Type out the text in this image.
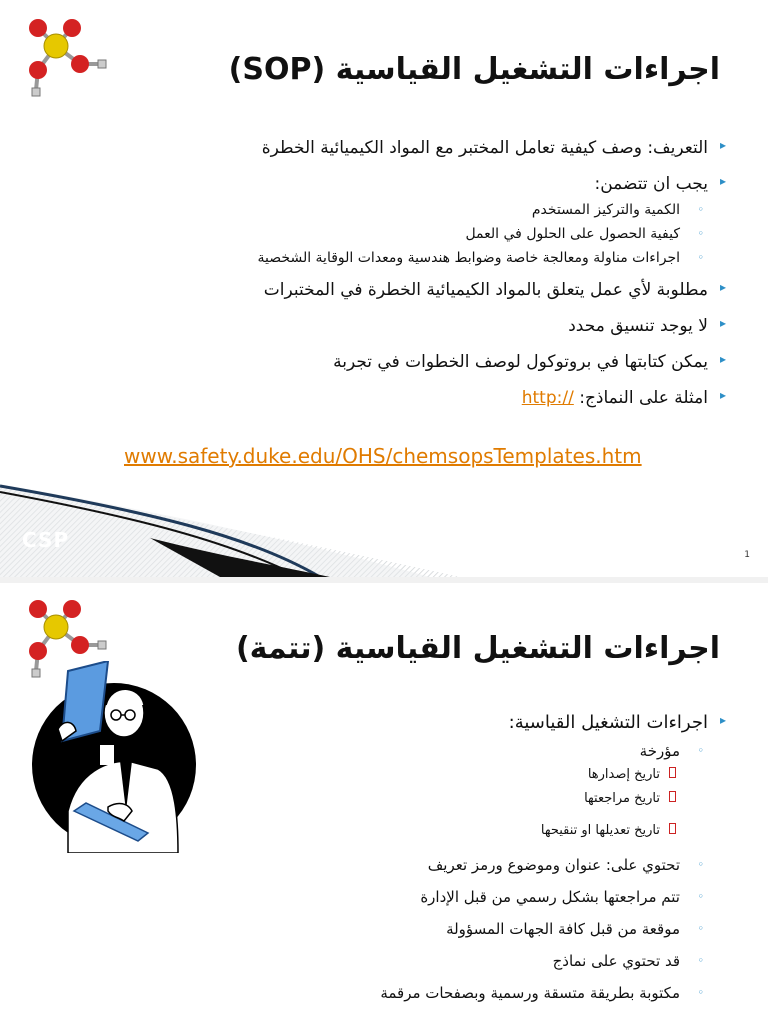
اجراءات التشغيل القياسية (SOP)
▸ التعريف: وصف كيفية تعامل المختبر مع المواد الكيميائية الخطرة
▸ يجب ان تتضمن:
◦ الكمية والتركيز المستخدم
◦ كيفية الحصول على الحلول في العمل
◦ اجراءات مناولة ومعالجة خاصة وضوابط هندسية ومعدات الوقاية الشخصية
▸ مطلوبة لأي عمل يتعلق بالمواد الكيميائية الخطرة في المختبرات
▸ لا يوجد تنسيق محدد
▸ يمكن كتابتها في بروتوكول لوصف الخطوات في تجربة
▸ امثلة على النماذج: http://
www.safety.duke.edu/OHS/chemsopsTemplates.htm
CSP
1
اجراءات التشغيل القياسية (تتمة)
▸ اجراءات التشغيل القياسية:
◦ مؤرخة
تاريخ إصدارها
تاريخ مراجعتها
تاريخ تعديلها او تنقيحها
◦ تحتوي على: عنوان وموضوع ورمز تعريف
◦ تتم مراجعتها بشكل رسمي من قبل الإدارة
◦ موقعة من قبل كافة الجهات المسؤولة
◦ قد تحتوي على نماذج
◦ مكتوبة بطريقة متسقة ورسمية وبصفحات مرقمة
